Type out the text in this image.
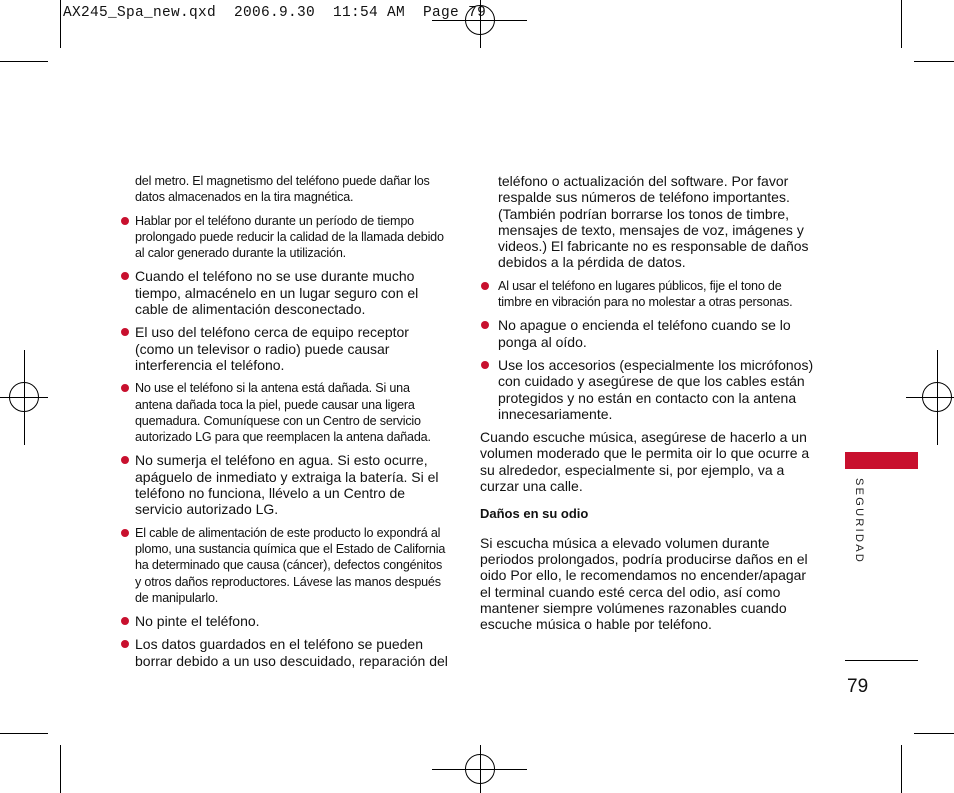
AX245_Spa_new.qxd  2006.9.30  11:54 AM  Page 79

del metro. El magnetismo del teléfono puede dañar los datos almacenados en la tira magnética.

Hablar por el teléfono durante un período de tiempo prolongado puede reducir la calidad de la llamada debido al calor generado durante la utilización.
Cuando el teléfono no se use durante mucho tiempo, almacénelo en un lugar seguro con el cable de alimentación desconectado.
El uso del teléfono cerca de equipo receptor (como un televisor o radio) puede causar interferencia el teléfono.
No use el teléfono si la antena está dañada. Si una antena dañada toca la piel, puede causar una ligera quemadura. Comuníquese con un Centro de servicio autorizado LG para que reemplacen la antena dañada.
No sumerja el teléfono en agua. Si esto ocurre, apáguelo de inmediato y extraiga la batería. Si el teléfono no funciona, llévelo a un Centro de servicio autorizado LG.
El cable de alimentación de este producto lo expondrá al plomo, una sustancia química que el Estado de California ha determinado que causa (cáncer), defectos congénitos y otros daños reproductores. Lávese las manos después de manipularlo.
No pinte el teléfono.
Los datos guardados en el teléfono se pueden borrar debido a un uso descuidado, reparación del

teléfono o actualización del software. Por favor respalde sus números de teléfono importantes. (También podrían borrarse los tonos de timbre, mensajes de texto, mensajes de voz, imágenes y videos.) El fabricante no es responsable de daños debidos a la pérdida de datos.

Al usar el teléfono en lugares públicos, fije el tono de timbre en vibración para no molestar a otras personas.
No apague o encienda el teléfono cuando se lo ponga al oído.
Use los accesorios (especialmente los micrófonos) con cuidado y asegúrese de que los cables están protegidos y no están en contacto con la antena innecesariamente.

Cuando escuche música, asegúrese de hacerlo a un volumen moderado que le permita oir lo que ocurre a su alrededor, especialmente si, por ejemplo, va a curzar una calle.

Daños en su odio

Si escucha música a elevado volumen durante periodos prolongados, podría producirse daños en el oido Por ello, le recomendamos no encender/apagar el terminal cuando esté cerca del odio, así como mantener siempre volúmenes razonables cuando escuche música o hable por teléfono.

SEGURIDAD
79
